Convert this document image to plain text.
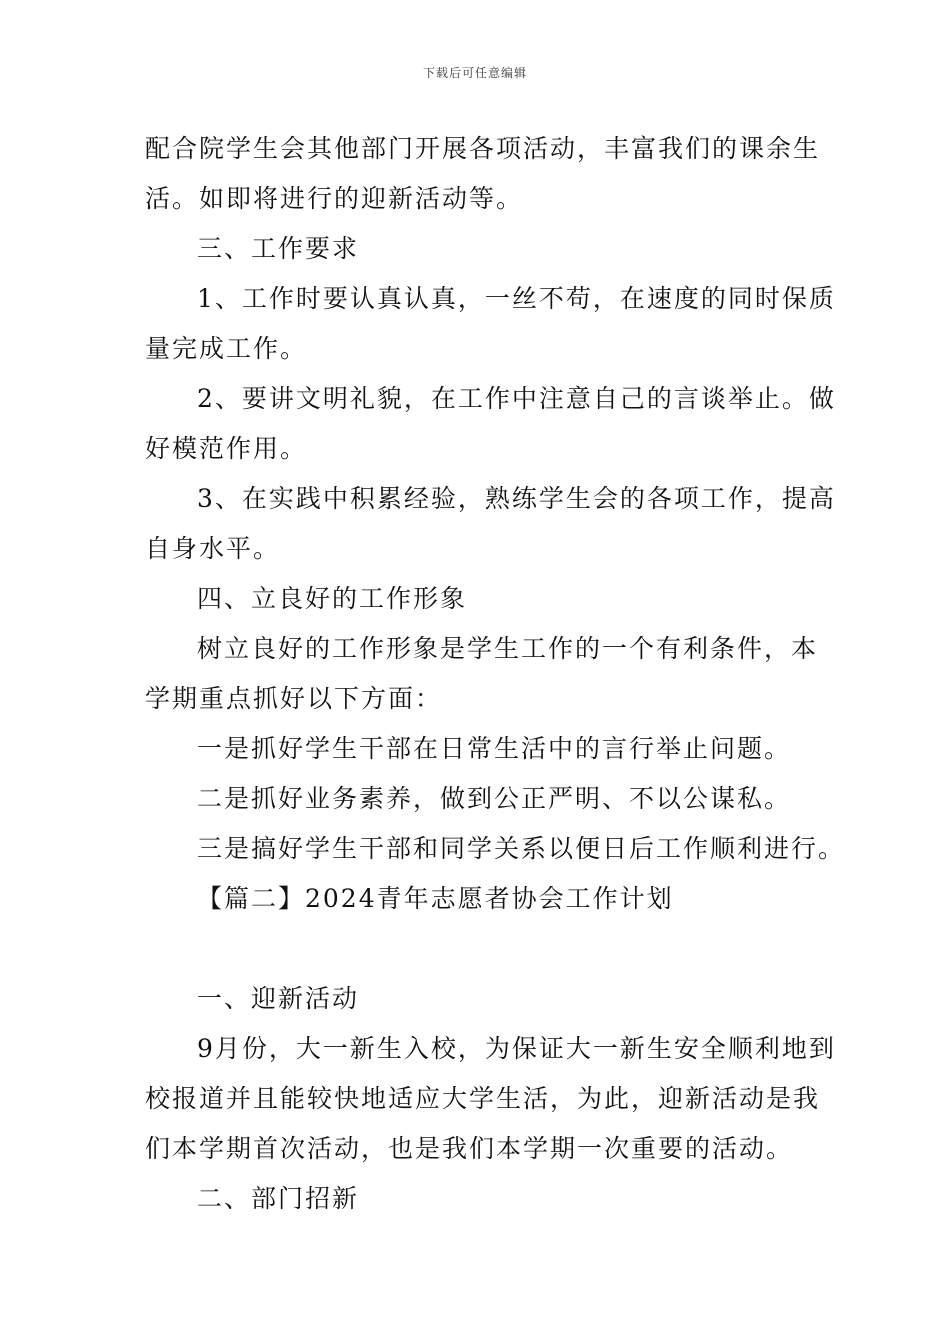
下载后可任意编辑

配合院学生会其他部门开展各项活动，丰富我们的课余生

活。如即将进行的迎新活动等。

三、工作要求

1、工作时要认真认真，一丝不苟，在速度的同时保质

量完成工作。

2、要讲文明礼貌，在工作中注意自己的言谈举止。做

好模范作用。

3、在实践中积累经验，熟练学生会的各项工作，提高

自身水平。

四、立良好的工作形象

树立良好的工作形象是学生工作的一个有利条件，本

学期重点抓好以下方面：

一是抓好学生干部在日常生活中的言行举止问题。

二是抓好业务素养，做到公正严明、不以公谋私。

三是搞好学生干部和同学关系以便日后工作顺利进行。

【篇二】2024青年志愿者协会工作计划

一、迎新活动

9月份，大一新生入校，为保证大一新生安全顺利地到

校报道并且能较快地适应大学生活，为此，迎新活动是我

们本学期首次活动，也是我们本学期一次重要的活动。

二、部门招新
